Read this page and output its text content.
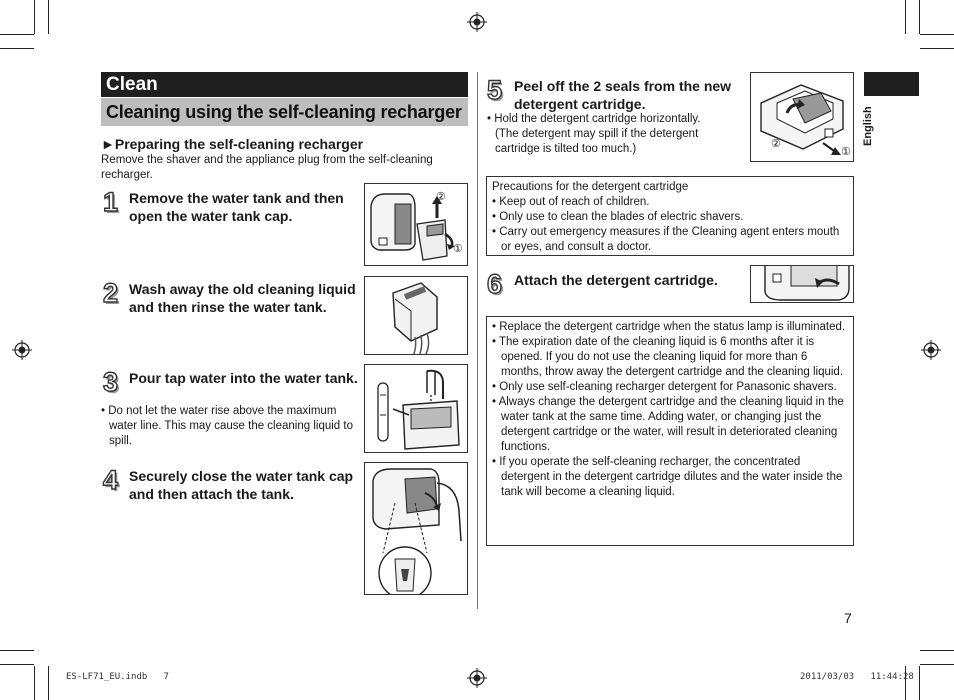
Clean
Cleaning using the self-cleaning recharger
►Preparing the self-cleaning recharger
Remove the shaver and the appliance plug from the self-cleaning recharger.
1 Remove the water tank and then open the water tank cap.
②
①
2 Wash away the old cleaning liquid and then rinse the water tank.
3 Pour tap water into the water tank.
• Do not let the water rise above the maximum water line. This may cause the cleaning liquid to spill.
4 Securely close the water tank cap and then attach the tank.
5 Peel off the 2 seals from the new detergent cartridge.
• Hold the detergent cartridge horizontally. (The detergent may spill if the detergent cartridge is tilted too much.)	②
①
Precautions for the detergent cartridge
• Keep out of reach of children.
• Only use to clean the blades of electric shavers.
• Carry out emergency measures if the Cleaning agent enters mouth or eyes, and consult a doctor.
6 Attach the detergent cartridge.
• Replace the detergent cartridge when the status lamp is illuminated.
• The expiration date of the cleaning liquid is 6 months after it is opened. If you do not use the cleaning liquid for more than 6 months, throw away the detergent cartridge and the cleaning liquid.
• Only use self-cleaning recharger detergent for Panasonic shavers.
• Always change the detergent cartridge and the cleaning liquid in the water tank at the same time. Adding water, or changing just the detergent cartridge or the water, will result in deteriorated cleaning functions.
• If you operate the self-cleaning recharger, the concentrated detergent in the detergent cartridge dilutes and the water inside the tank will become a cleaning liquid.
English
7
ES-LF71_EU.indb   7	2011/03/03   11:44:28
